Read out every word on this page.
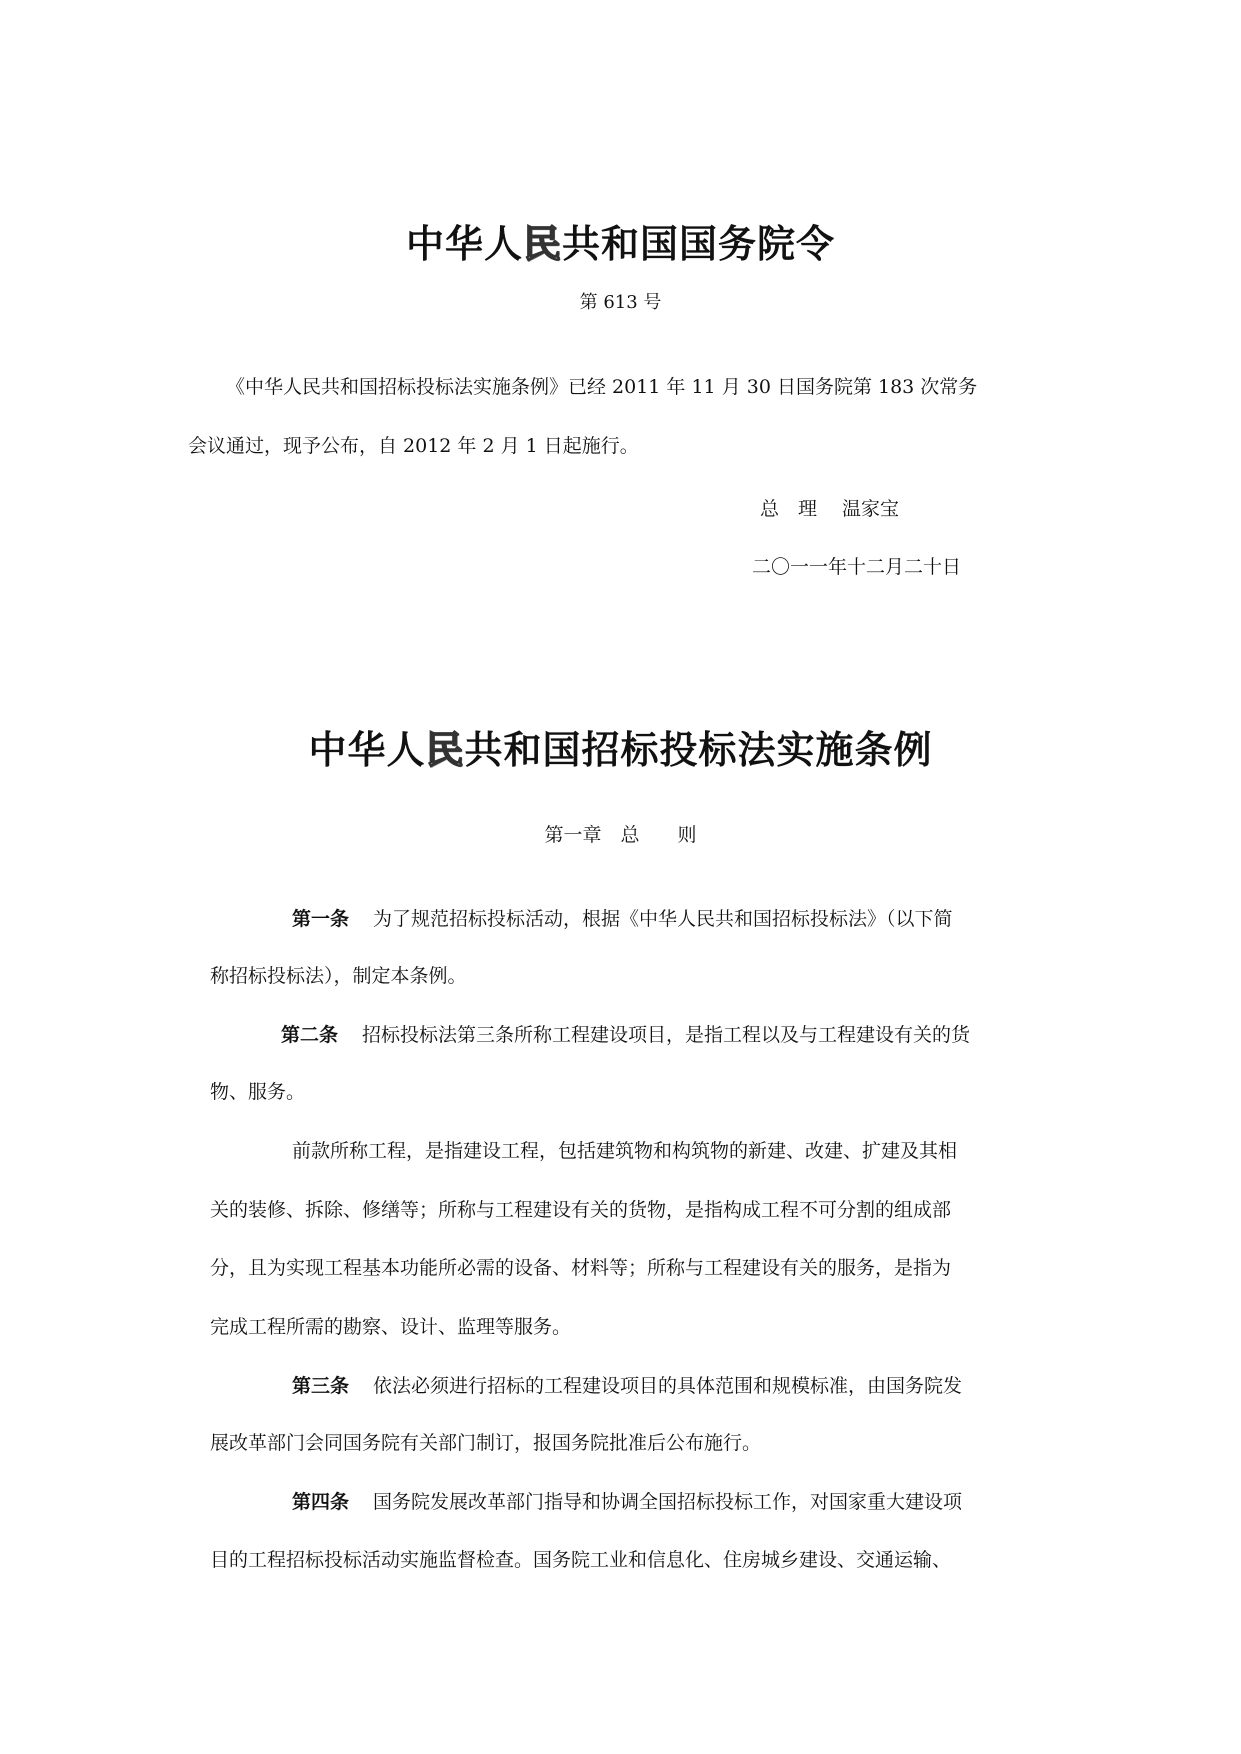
中华人民共和国国务院令
第 613 号
《中华人民共和国招标投标法实施条例》已经 2011 年 11 月 30 日国务院第 183 次常务
会议通过，现予公布，自 2012 年 2 月 1 日起施行。
总　理　 温家宝
二〇一一年十二月二十日
中华人民共和国招标投标法实施条例
第一章　总　　则
第一条 为了规范招标投标活动，根据《中华人民共和国招标投标法》（以下简
称招标投标法），制定本条例。
第二条 招标投标法第三条所称工程建设项目，是指工程以及与工程建设有关的货
物、服务。
前款所称工程，是指建设工程，包括建筑物和构筑物的新建、改建、扩建及其相
关的装修、拆除、修缮等；所称与工程建设有关的货物，是指构成工程不可分割的组成部
分，且为实现工程基本功能所必需的设备、材料等；所称与工程建设有关的服务，是指为
完成工程所需的勘察、设计、监理等服务。
第三条 依法必须进行招标的工程建设项目的具体范围和规模标准，由国务院发
展改革部门会同国务院有关部门制订，报国务院批准后公布施行。
第四条 国务院发展改革部门指导和协调全国招标投标工作，对国家重大建设项
目的工程招标投标活动实施监督检查。国务院工业和信息化、住房城乡建设、交通运输、
